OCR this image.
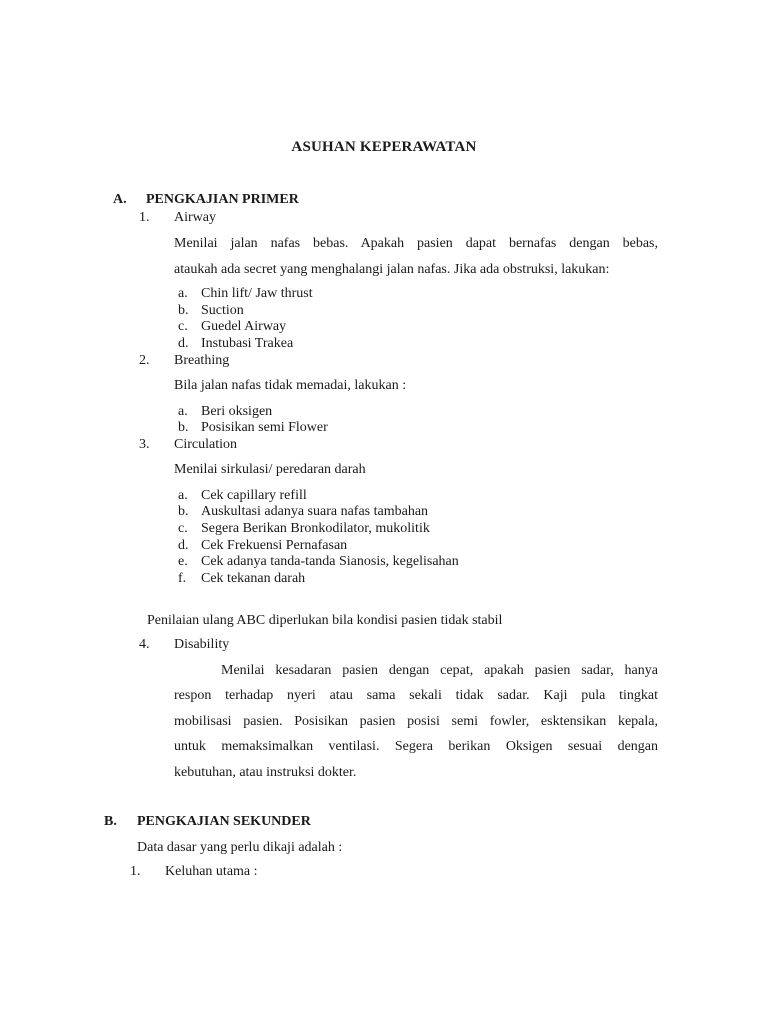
ASUHAN KEPERAWATAN
A. PENGKAJIAN PRIMER
1. Airway
Menilai jalan nafas bebas. Apakah pasien dapat bernafas dengan bebas,
ataukah ada secret yang menghalangi jalan nafas. Jika ada obstruksi, lakukan:
a. Chin lift/ Jaw thrust
b. Suction
c. Guedel Airway
d. Instubasi Trakea
2. Breathing
Bila jalan nafas tidak memadai, lakukan :
a. Beri oksigen
b. Posisikan semi Flower
3. Circulation
Menilai sirkulasi/ peredaran darah
a. Cek capillary refill
b. Auskultasi adanya suara nafas tambahan
c. Segera Berikan Bronkodilator, mukolitik
d. Cek Frekuensi Pernafasan
e. Cek adanya tanda-tanda Sianosis, kegelisahan
f. Cek tekanan darah
Penilaian ulang ABC diperlukan bila kondisi pasien tidak stabil
4. Disability
Menilai kesadaran pasien dengan cepat, apakah pasien sadar, hanya
respon terhadap nyeri atau sama sekali tidak sadar. Kaji pula tingkat
mobilisasi pasien. Posisikan pasien posisi semi fowler, esktensikan kepala,
untuk memaksimalkan ventilasi. Segera berikan Oksigen sesuai dengan
kebutuhan, atau instruksi dokter.
B. PENGKAJIAN SEKUNDER
Data dasar yang perlu dikaji adalah :
1. Keluhan utama :
